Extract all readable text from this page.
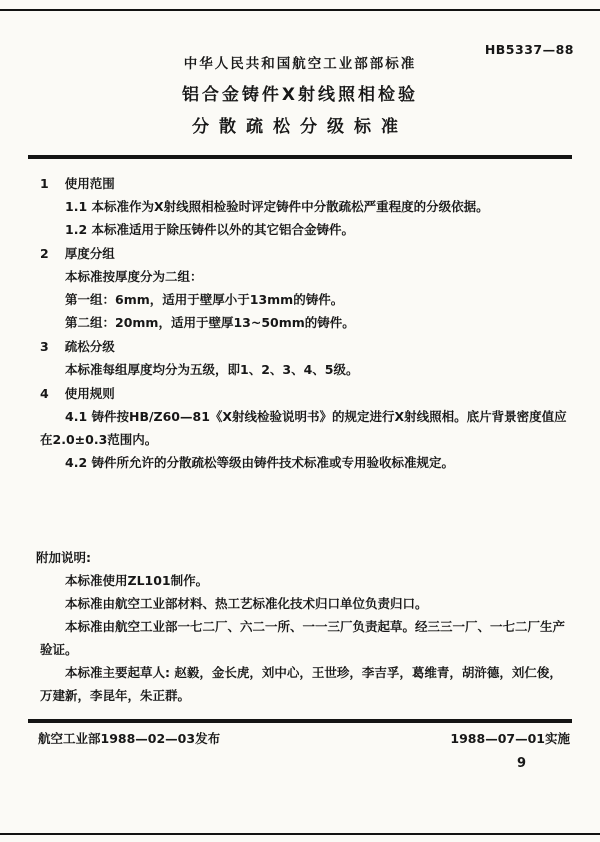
中华人民共和国航空工业部部标准
铝合金铸件X射线照相检验
分散疏松分级标准
HB5337—88
1 使用范围

1.1 本标准作为X射线照相检验时评定铸件中分散疏松严重程度的分级依据。

1.2 本标准适用于除压铸件以外的其它铝合金铸件。

2 厚度分组

本标准按厚度分为二组：

第一组：6mm，适用于壁厚小于13mm的铸件。

第二组：20mm，适用于壁厚13~50mm的铸件。

3 疏松分级

本标准每组厚度均分为五级，即1、2、3、4、5级。

4 使用规则

4.1 铸件按HB/Z60—81《X射线检验说明书》的规定进行X射线照相。底片背景密度值应在2.0±0.3范围内。

4.2 铸件所允许的分散疏松等级由铸件技术标准或专用验收标准规定。

附加说明:

本标准使用ZL101制作。

本标准由航空工业部材料、热工艺标准化技术归口单位负责归口。

本标准由航空工业部一七二厂、六二一所、一一三厂负责起草。经三三一厂、一七二厂生产验证。

本标准主要起草人: 赵毅，金长虎，刘中心，王世珍，李吉孚，葛维青，胡浒德，刘仁俊，万建新，李昆年，朱正群。

航空工业部1988—02—03发布	1988—07—01实施
9
